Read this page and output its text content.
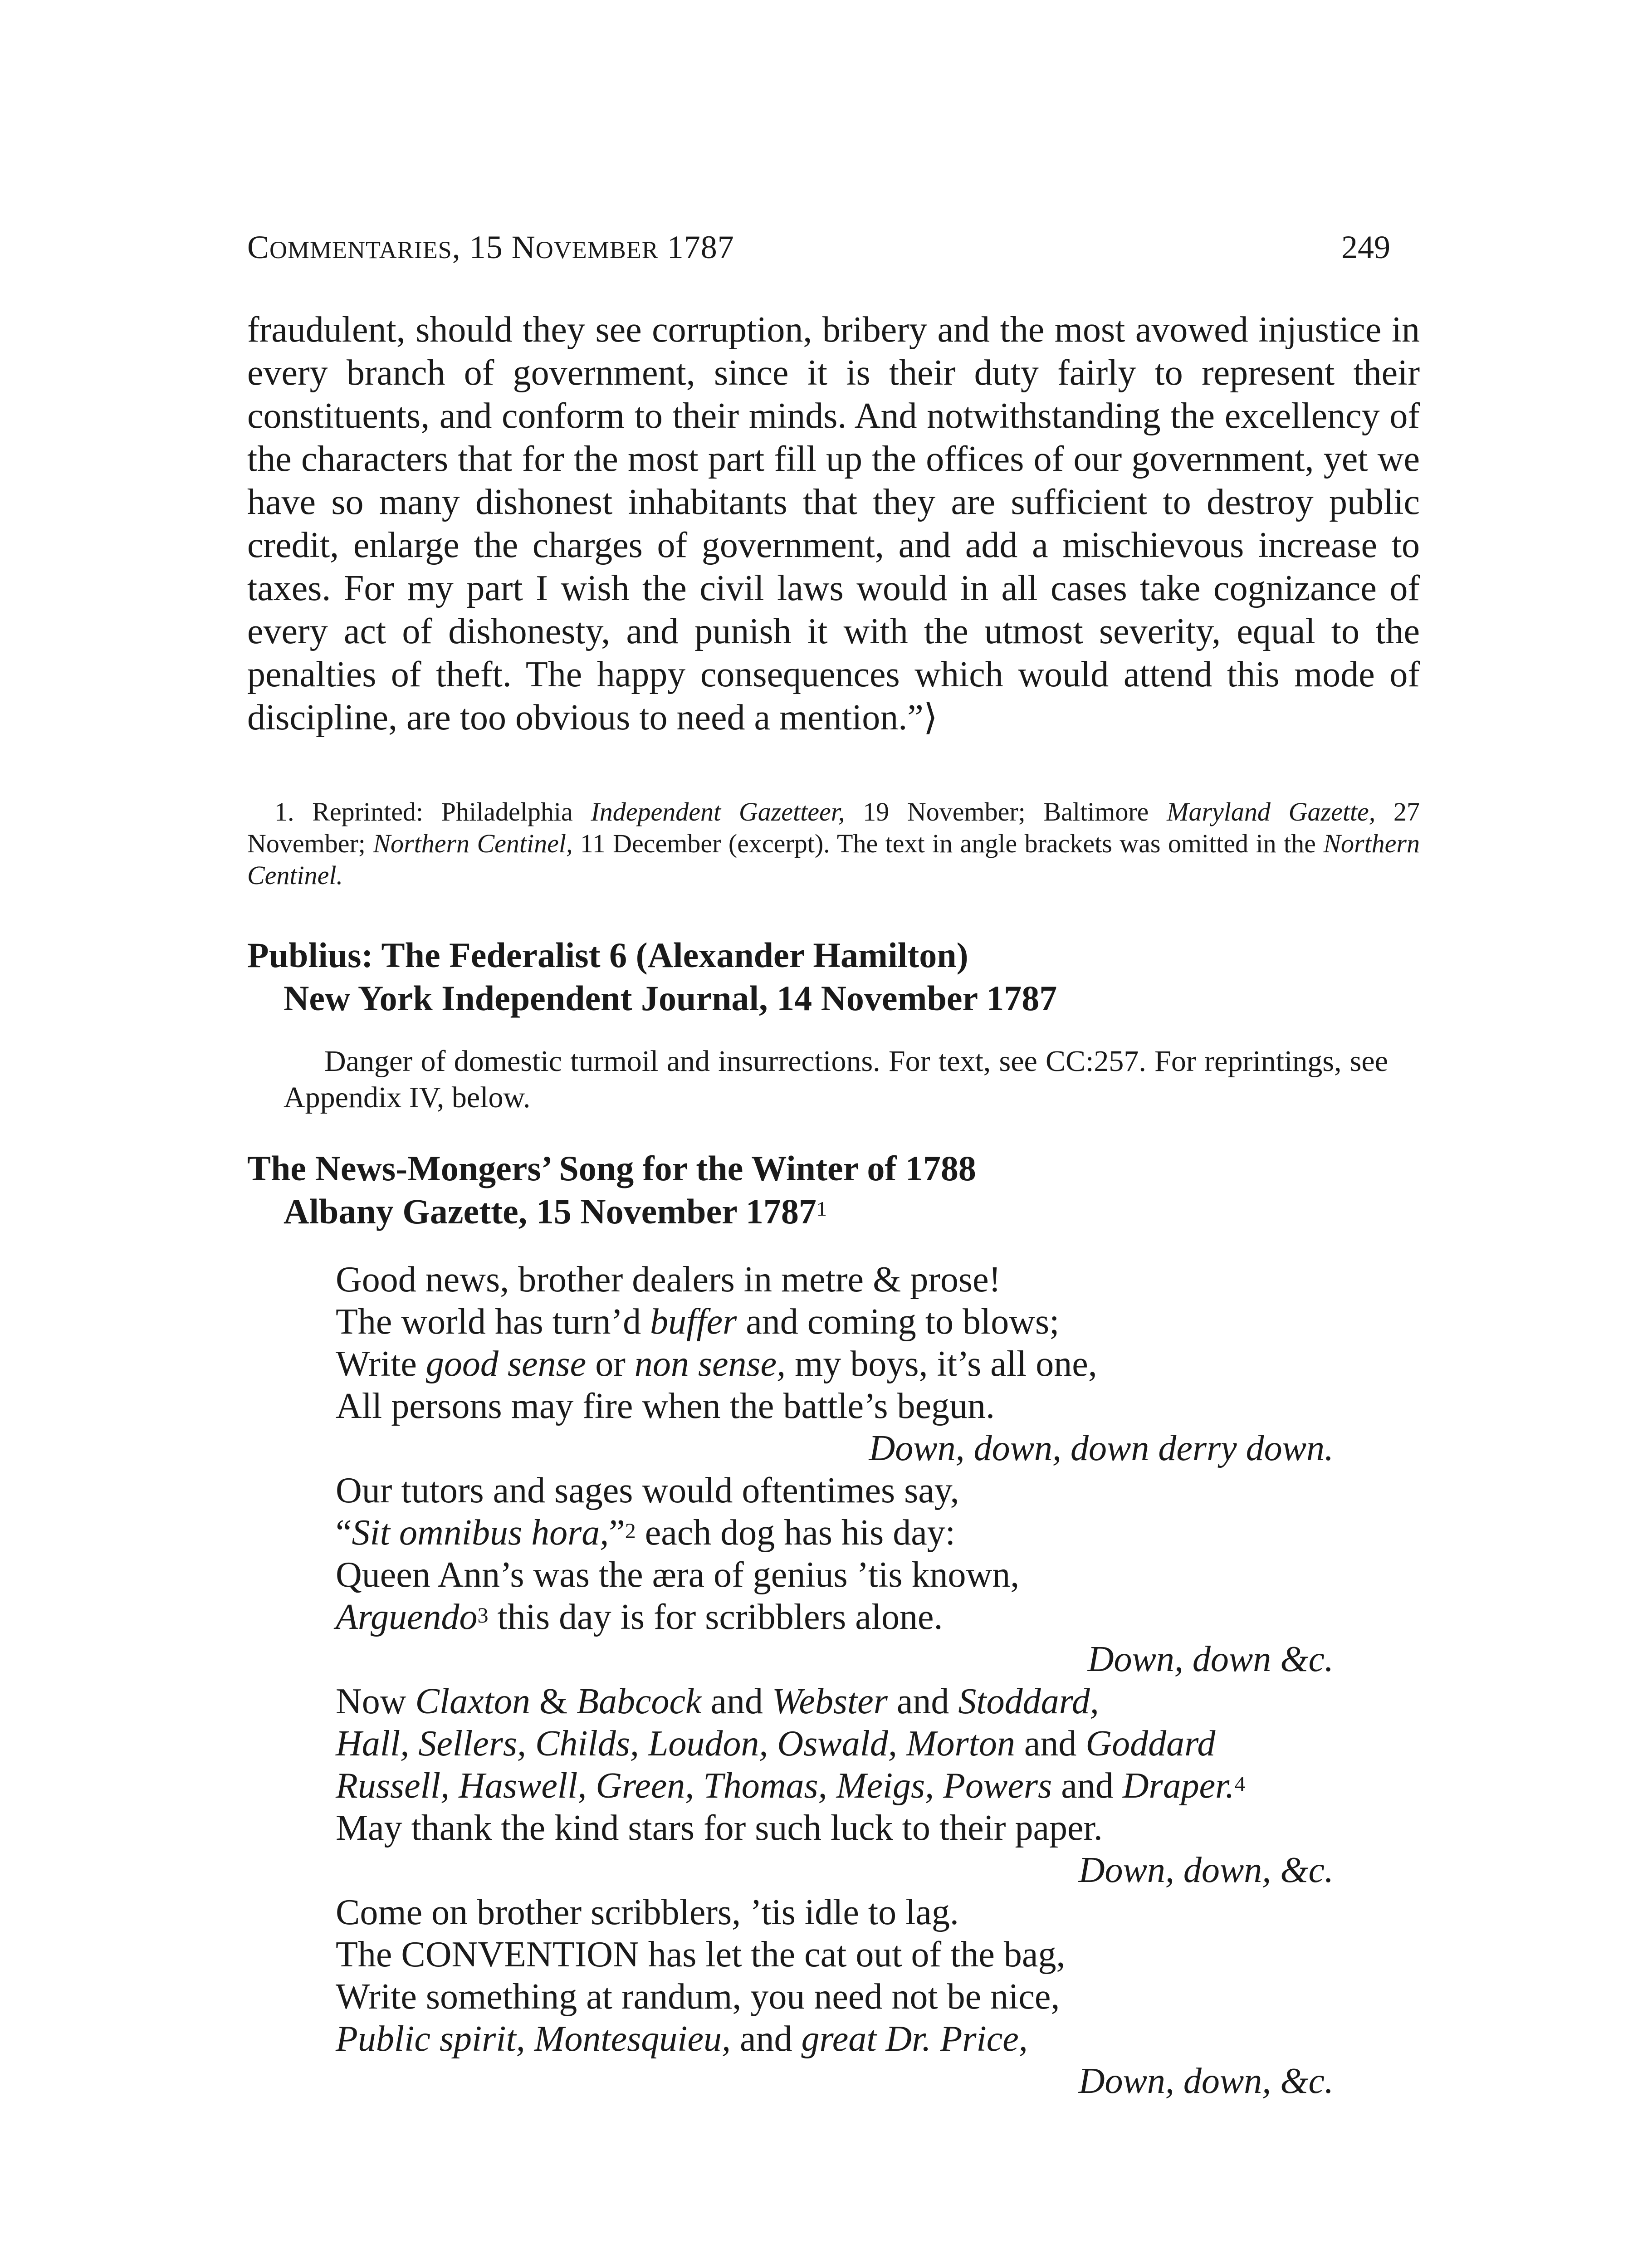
COMMENTARIES, 15 NOVEMBER 1787	249

fraudulent, should they see corruption, bribery and the most avowed injustice in every branch of government, since it is their duty fairly to represent their constituents, and conform to their minds. And notwithstanding the excellency of the characters that for the most part fill up the offices of our government, yet we have so many dishonest inhabitants that they are sufficient to destroy public credit, enlarge the charges of government, and add a mischievous increase to taxes. For my part I wish the civil laws would in all cases take cognizance of every act of dishonesty, and punish it with the utmost severity, equal to the penalties of theft. The happy consequences which would attend this mode of discipline, are too obvious to need a mention.”⟩

1. Reprinted: Philadelphia Independent Gazetteer, 19 November; Baltimore Maryland Gazette, 27 November; Northern Centinel, 11 December (excerpt). The text in angle brackets was omitted in the Northern Centinel.

Publius: The Federalist 6 (Alexander Hamilton)

New York Independent Journal, 14 November 1787

Danger of domestic turmoil and insurrections. For text, see CC:257. For reprintings, see Appendix IV, below.

The News-Mongers’ Song for the Winter of 1788

Albany Gazette, 15 November 1787$^1$

Good news, brother dealers in metre & prose!
The world has turn’d buffer and coming to blows;
Write good sense or non sense, my boys, it’s all one,
All persons may fire when the battle’s begun.
Down, down, down derry down.
Our tutors and sages would oftentimes say,
“Sit omnibus hora,”$^2$ each dog has his day:
Queen Ann’s was the æra of genius ’tis known,
Arguendo$^3$ this day is for scribblers alone.
Down, down &c.
Now Claxton & Babcock and Webster and Stoddard,
Hall, Sellers, Childs, Loudon, Oswald, Morton and Goddard
Russell, Haswell, Green, Thomas, Meigs, Powers and Draper.$^4$
May thank the kind stars for such luck to their paper.
Down, down, &c.
Come on brother scribblers, ’tis idle to lag.
The CONVENTION has let the cat out of the bag,
Write something at randum, you need not be nice,
Public spirit, Montesquieu, and great Dr. Price,
Down, down, &c.
